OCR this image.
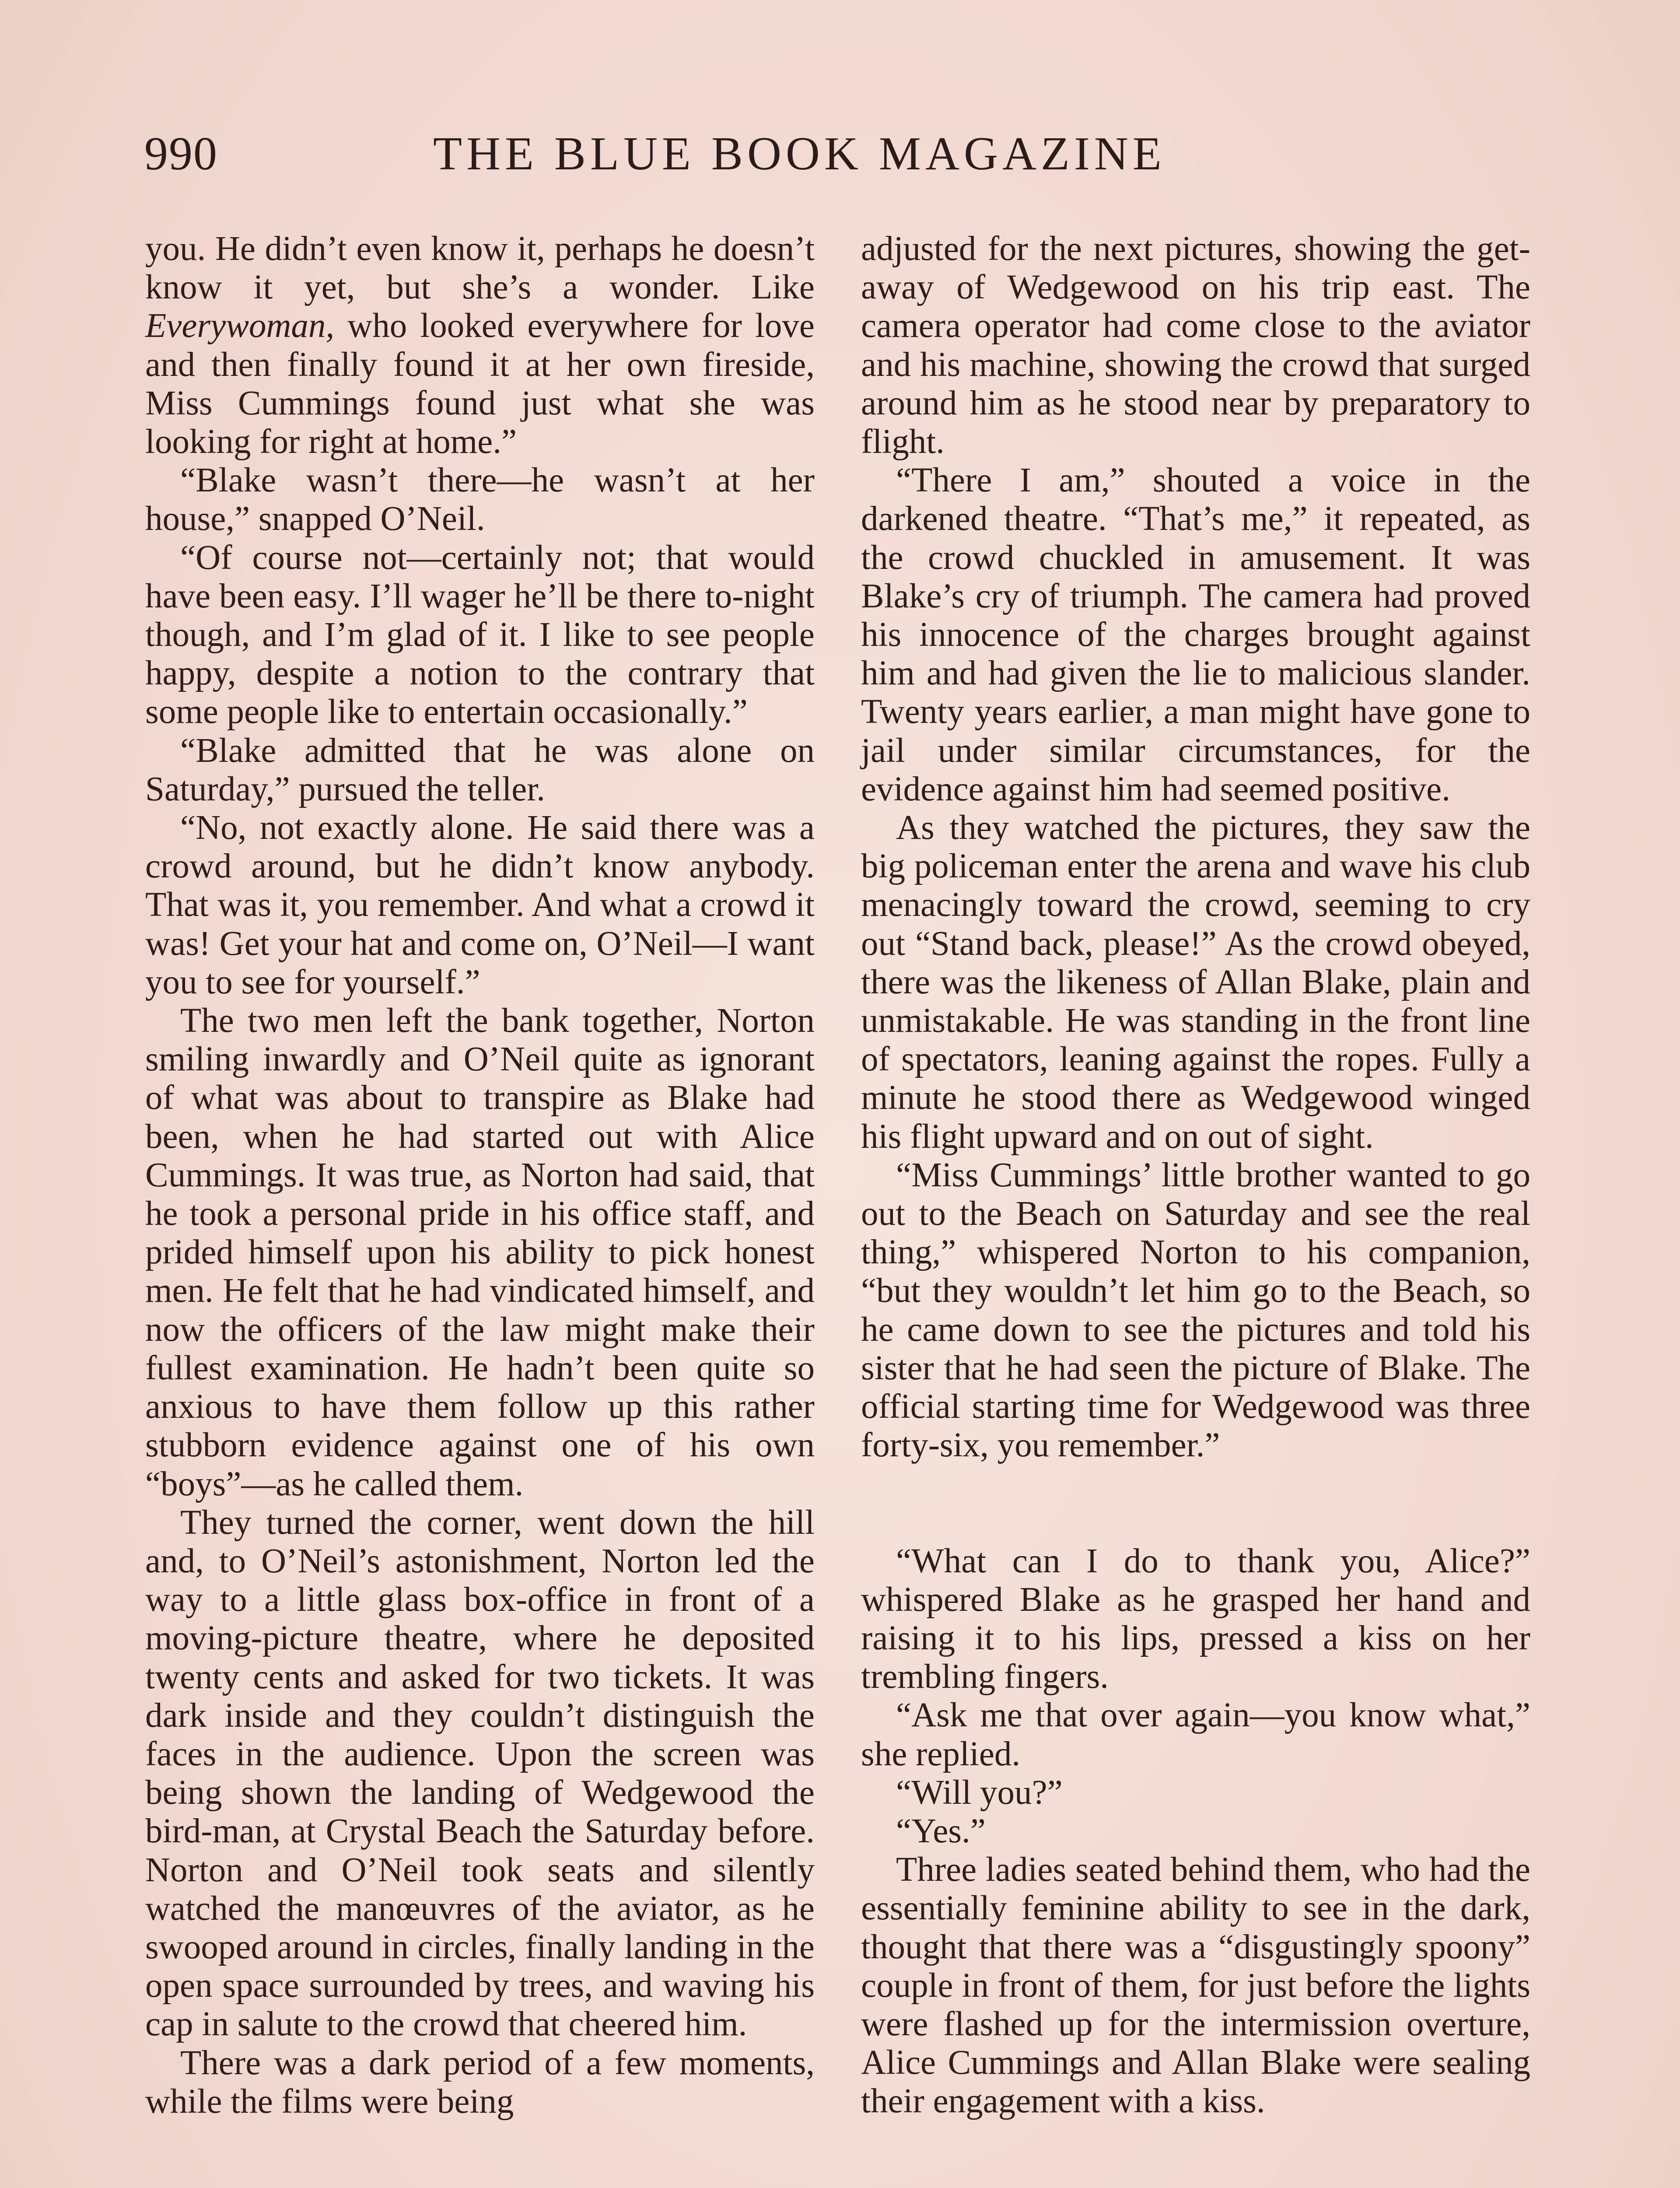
990	THE BLUE BOOK MAGAZINE

you. He didn’t even know it, perhaps he doesn’t know it yet, but she’s a wonder. Like Everywoman, who looked everywhere for love and then finally found it at her own fireside, Miss Cummings found just what she was looking for right at home.”

“Blake wasn’t there—he wasn’t at her house,” snapped O’Neil.

“Of course not—certainly not; that would have been easy. I’ll wager he’ll be there to-night though, and I’m glad of it. I like to see people happy, despite a notion to the contrary that some people like to entertain occasionally.”

“Blake admitted that he was alone on Saturday,” pursued the teller.

“No, not exactly alone. He said there was a crowd around, but he didn’t know anybody. That was it, you remember. And what a crowd it was! Get your hat and come on, O’Neil—I want you to see for yourself.”

The two men left the bank together, Norton smiling inwardly and O’Neil quite as ignorant of what was about to transpire as Blake had been, when he had started out with Alice Cummings. It was true, as Norton had said, that he took a personal pride in his office staff, and prided himself upon his ability to pick honest men. He felt that he had vindicated himself, and now the officers of the law might make their fullest examination. He hadn’t been quite so anxious to have them follow up this rather stubborn evidence against one of his own “boys”—as he called them.

They turned the corner, went down the hill and, to O’Neil’s astonishment, Norton led the way to a little glass box-office in front of a moving-picture theatre, where he deposited twenty cents and asked for two tickets. It was dark inside and they couldn’t distinguish the faces in the audience. Upon the screen was being shown the landing of Wedgewood the bird-man, at Crystal Beach the Saturday before. Norton and O’Neil took seats and silently watched the manœuvres of the aviator, as he swooped around in circles, finally landing in the open space surrounded by trees, and waving his cap in salute to the crowd that cheered him.

There was a dark period of a few moments, while the films were being

adjusted for the next pictures, showing the get-away of Wedgewood on his trip east. The camera operator had come close to the aviator and his machine, showing the crowd that surged around him as he stood near by preparatory to flight.

“There I am,” shouted a voice in the darkened theatre. “That’s me,” it repeated, as the crowd chuckled in amusement. It was Blake’s cry of triumph. The camera had proved his innocence of the charges brought against him and had given the lie to malicious slander. Twenty years earlier, a man might have gone to jail under similar circumstances, for the evidence against him had seemed positive.

As they watched the pictures, they saw the big policeman enter the arena and wave his club menacingly toward the crowd, seeming to cry out “Stand back, please!” As the crowd obeyed, there was the likeness of Allan Blake, plain and unmistakable. He was standing in the front line of spectators, leaning against the ropes. Fully a minute he stood there as Wedgewood winged his flight upward and on out of sight.

“Miss Cummings’ little brother wanted to go out to the Beach on Saturday and see the real thing,” whispered Norton to his companion, “but they wouldn’t let him go to the Beach, so he came down to see the pictures and told his sister that he had seen the picture of Blake. The official starting time for Wedgewood was three forty-six, you remember.”

“What can I do to thank you, Alice?” whispered Blake as he grasped her hand and raising it to his lips, pressed a kiss on her trembling fingers.

“Ask me that over again—you know what,” she replied.

“Will you?”

“Yes.”

Three ladies seated behind them, who had the essentially feminine ability to see in the dark, thought that there was a “disgustingly spoony” couple in front of them, for just before the lights were flashed up for the intermission overture, Alice Cummings and Allan Blake were sealing their engagement with a kiss.
